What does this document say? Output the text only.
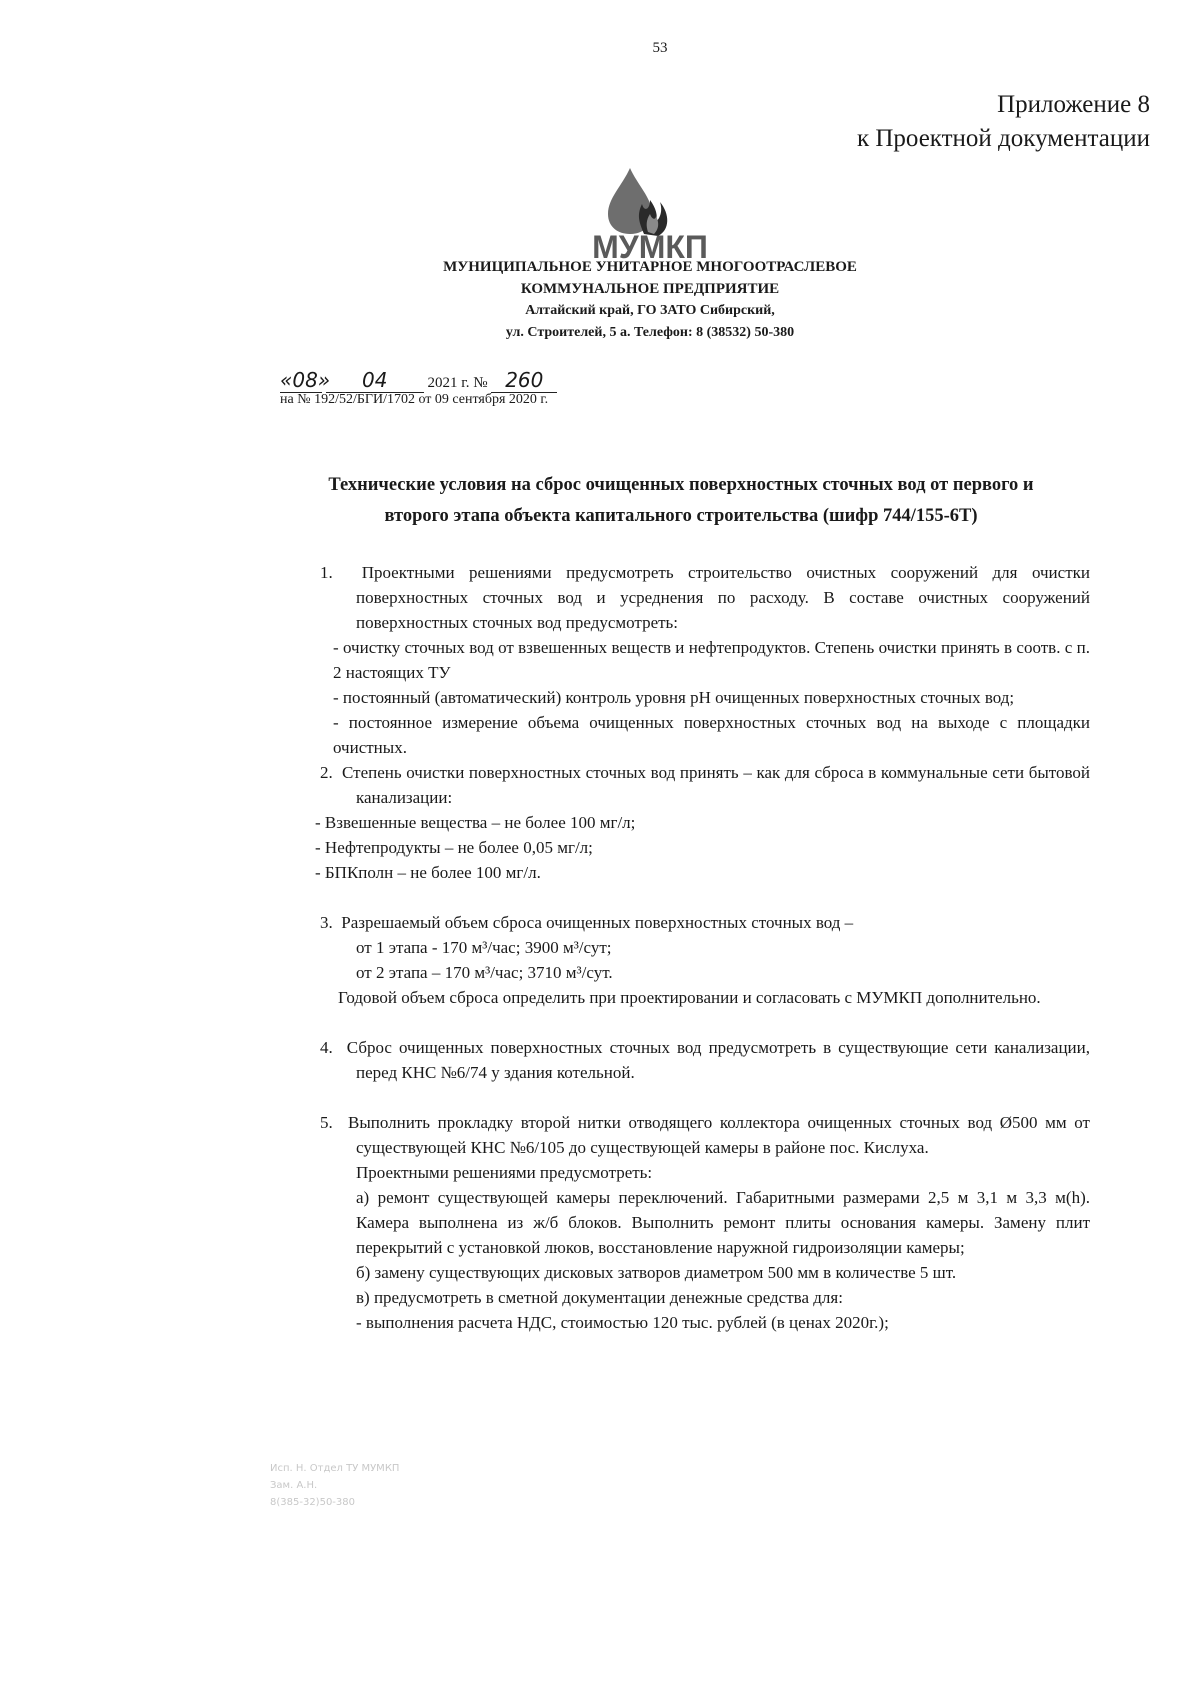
53
Приложение 8
к Проектной документации
МУМКП
МУНИЦИПАЛЬНОЕ УНИТАРНОЕ МНОГООТРАСЛЕВОЕ
КОММУНАЛЬНОЕ ПРЕДПРИЯТИЕ
Алтайский край, ГО ЗАТО Сибирский,
ул. Строителей, 5 а. Телефон: 8 (38532) 50-380
«08» 04	2021 г. № 260
на № 192/52/БГИ/1702 от 09 сентября 2020 г.
Технические условия на сброс очищенных поверхностных сточных вод от первого и
второго этапа объекта капитального строительства (шифр 744/155-6Т)

1.  Проектными решениями предусмотреть строительство очистных сооружений для очистки поверхностных сточных вод и усреднения по расходу. В составе очистных сооружений поверхностных сточных вод предусмотреть:

- очистку сточных вод от взвешенных веществ и нефтепродуктов. Степень очистки принять в соотв. с п. 2 настоящих ТУ

- постоянный (автоматический) контроль уровня рН очищенных поверхностных сточных вод;

- постоянное измерение объема очищенных поверхностных сточных вод на выходе с площадки очистных.

2.  Степень очистки поверхностных сточных вод принять – как для сброса в коммунальные сети бытовой канализации:

- Взвешенные вещества – не более 100 мг/л;

- Нефтепродукты – не более 0,05 мг/л;

- БПКполн – не более 100 мг/л.

3.  Разрешаемый объем сброса очищенных поверхностных сточных вод –

от 1 этапа - 170 м³/час; 3900 м³/сут;

от 2 этапа – 170 м³/час; 3710 м³/сут.

Годовой объем сброса определить при проектировании и согласовать с МУМКП дополнительно.

4.  Сброс очищенных поверхностных сточных вод предусмотреть в существующие сети канализации, перед КНС №6/74 у здания котельной.

5.  Выполнить прокладку второй нитки отводящего коллектора очищенных сточных вод Ø500 мм от существующей КНС №6/105 до существующей камеры в районе пос. Кислуха.

Проектными решениями предусмотреть:

а) ремонт существующей камеры переключений. Габаритными размерами 2,5 м 3,1 м 3,3 м(h). Камера выполнена из ж/б блоков. Выполнить ремонт плиты основания камеры. Замену плит перекрытий с установкой люков, восстановление наружной гидроизоляции камеры;

б) замену существующих дисковых затворов диаметром 500 мм в количестве 5 шт.

в) предусмотреть в сметной документации денежные средства для:

- выполнения расчета НДС, стоимостью 120 тыс. рублей (в ценах 2020г.);

Исп. Н. Отдел ТУ МУМКП
Зам. А.Н.
8(385-32)50-380
